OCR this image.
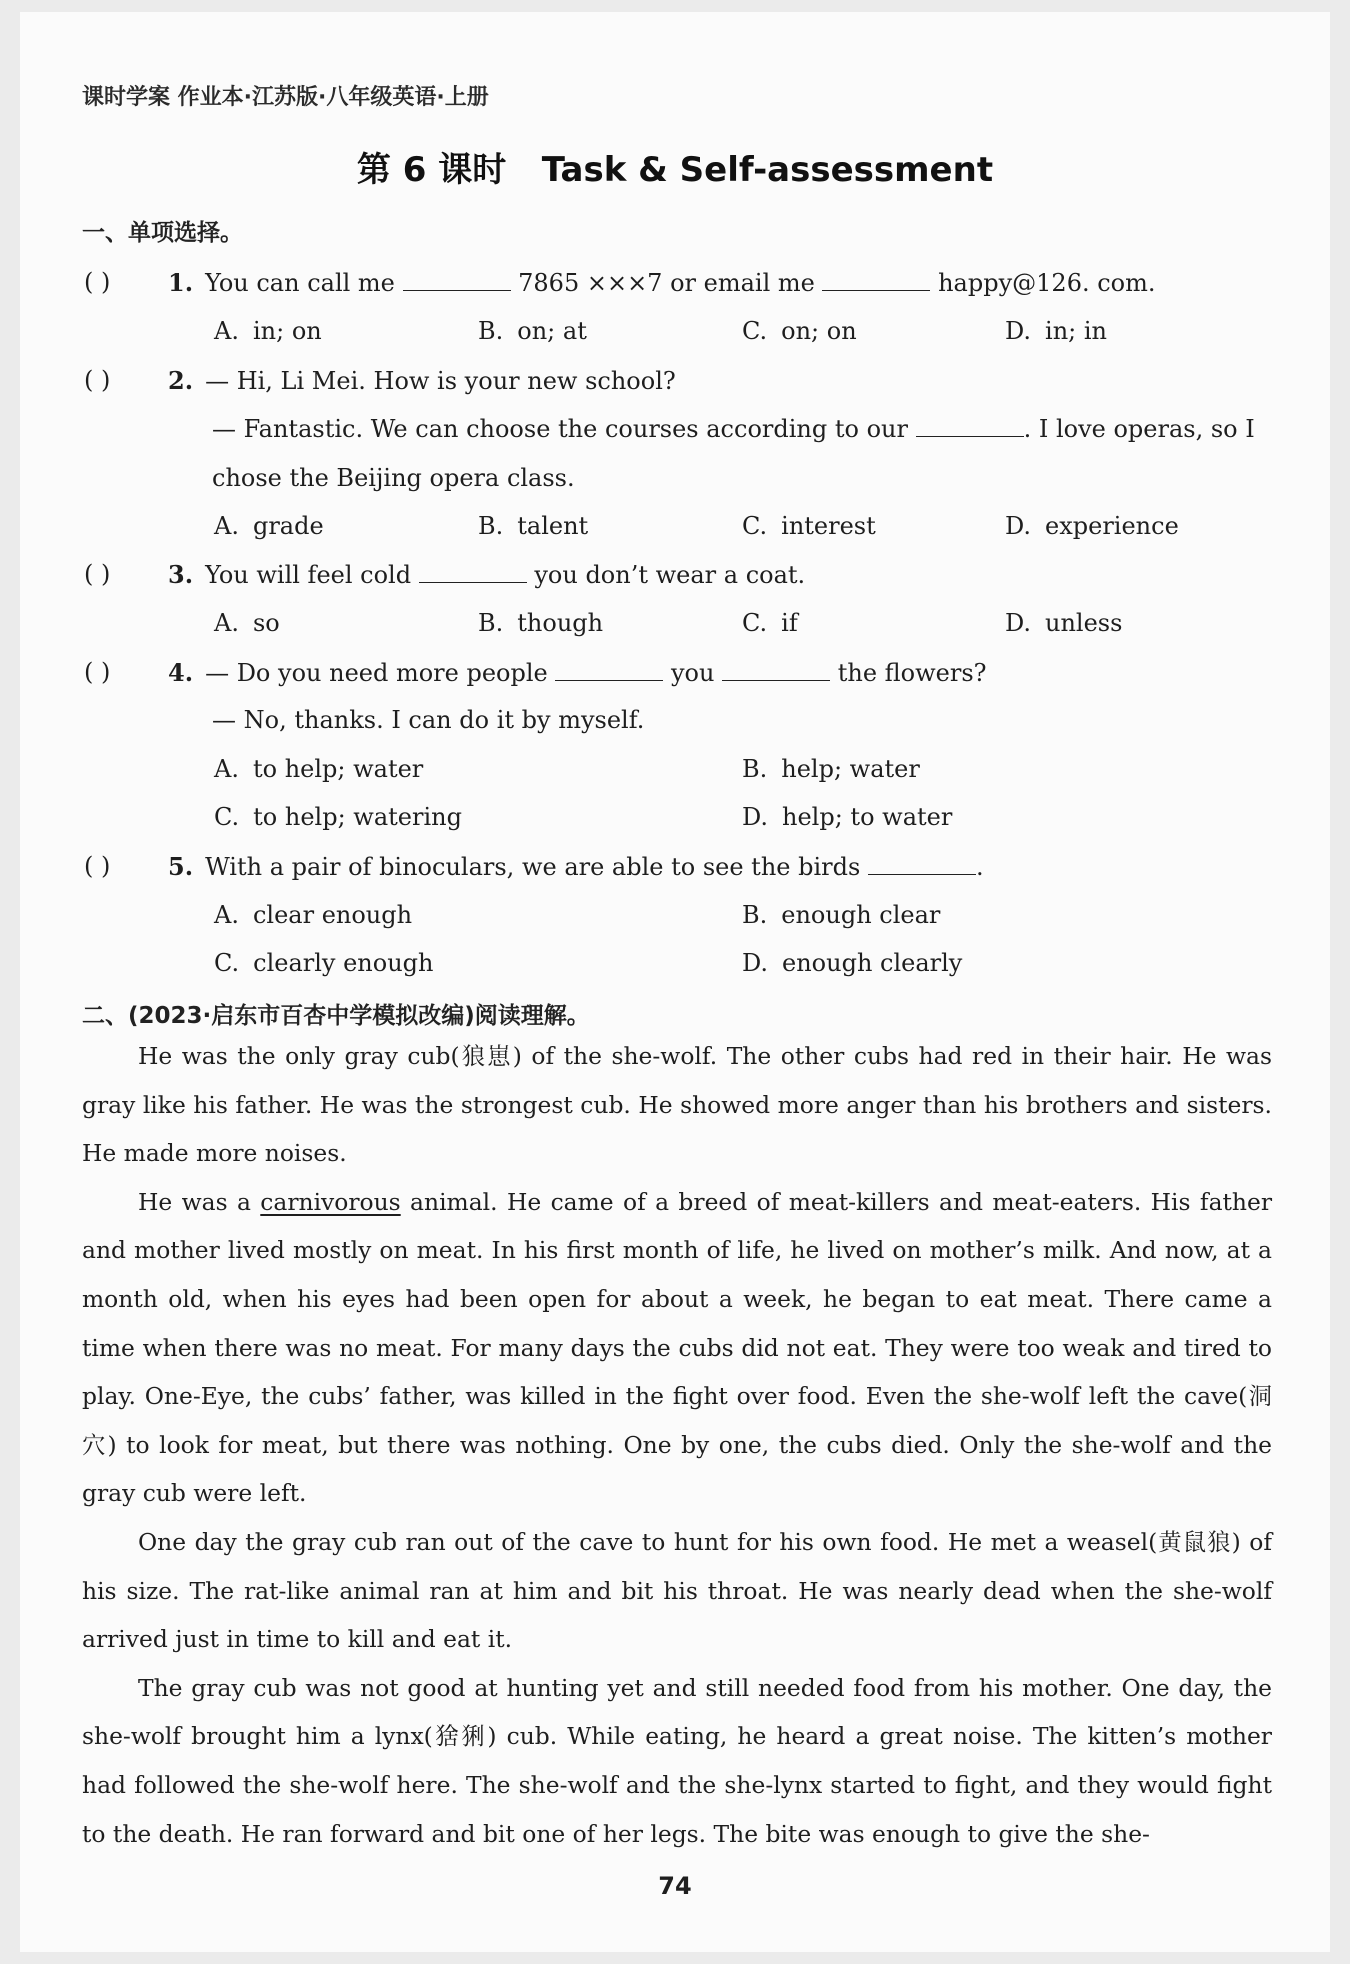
课时学案 作业本·江苏版·八年级英语·上册
第 6 课时   Task & Self-assessment
一、单项选择。
( ) 1. You can call me	7865 ×××7 or email me	happy@126. com.
A. in; on	B. on; at	C. on; on	D. in; in
( ) 2. — Hi, Li Mei. How is your new school?
— Fantastic. We can choose the courses according to our	. I love operas, so I
chose the Beijing opera class.
A. grade	B. talent	C. interest	D. experience
( ) 3. You will feel cold	you don’t wear a coat.
A. so	B. though	C. if	D. unless
( ) 4. — Do you need more people	you	the flowers?
— No, thanks. I can do it by myself.
A. to help; water	B. help; water
C. to help; watering	D. help; to water
( ) 5. With a pair of binoculars, we are able to see the birds	.
A. clear enough	B. enough clear
C. clearly enough	D. enough clearly
二、(2023·启东市百杏中学模拟改编)阅读理解。

He was the only gray cub(狼崽) of the she-wolf. The other cubs had red in their hair. He was gray like his father. He was the strongest cub. He showed more anger than his brothers and sisters. He made more noises.

He was a carnivorous animal. He came of a breed of meat-killers and meat-eaters. His father and mother lived mostly on meat. In his first month of life, he lived on mother’s milk. And now, at a month old, when his eyes had been open for about a week, he began to eat meat. There came a time when there was no meat. For many days the cubs did not eat. They were too weak and tired to play. One-Eye, the cubs’ father, was killed in the fight over food. Even the she-wolf left the cave(洞穴) to look for meat, but there was nothing. One by one, the cubs died. Only the she-wolf and the gray cub were left.

One day the gray cub ran out of the cave to hunt for his own food. He met a weasel(黄鼠狼) of his size. The rat-like animal ran at him and bit his throat. He was nearly dead when the she-wolf arrived just in time to kill and eat it.

The gray cub was not good at hunting yet and still needed food from his mother. One day, the she-wolf brought him a lynx(猞猁) cub. While eating, he heard a great noise. The kitten’s mother had followed the she-wolf here. The she-wolf and the she-lynx started to fight, and they would fight to the death. He ran forward and bit one of her legs. The bite was enough to give the she-

74
